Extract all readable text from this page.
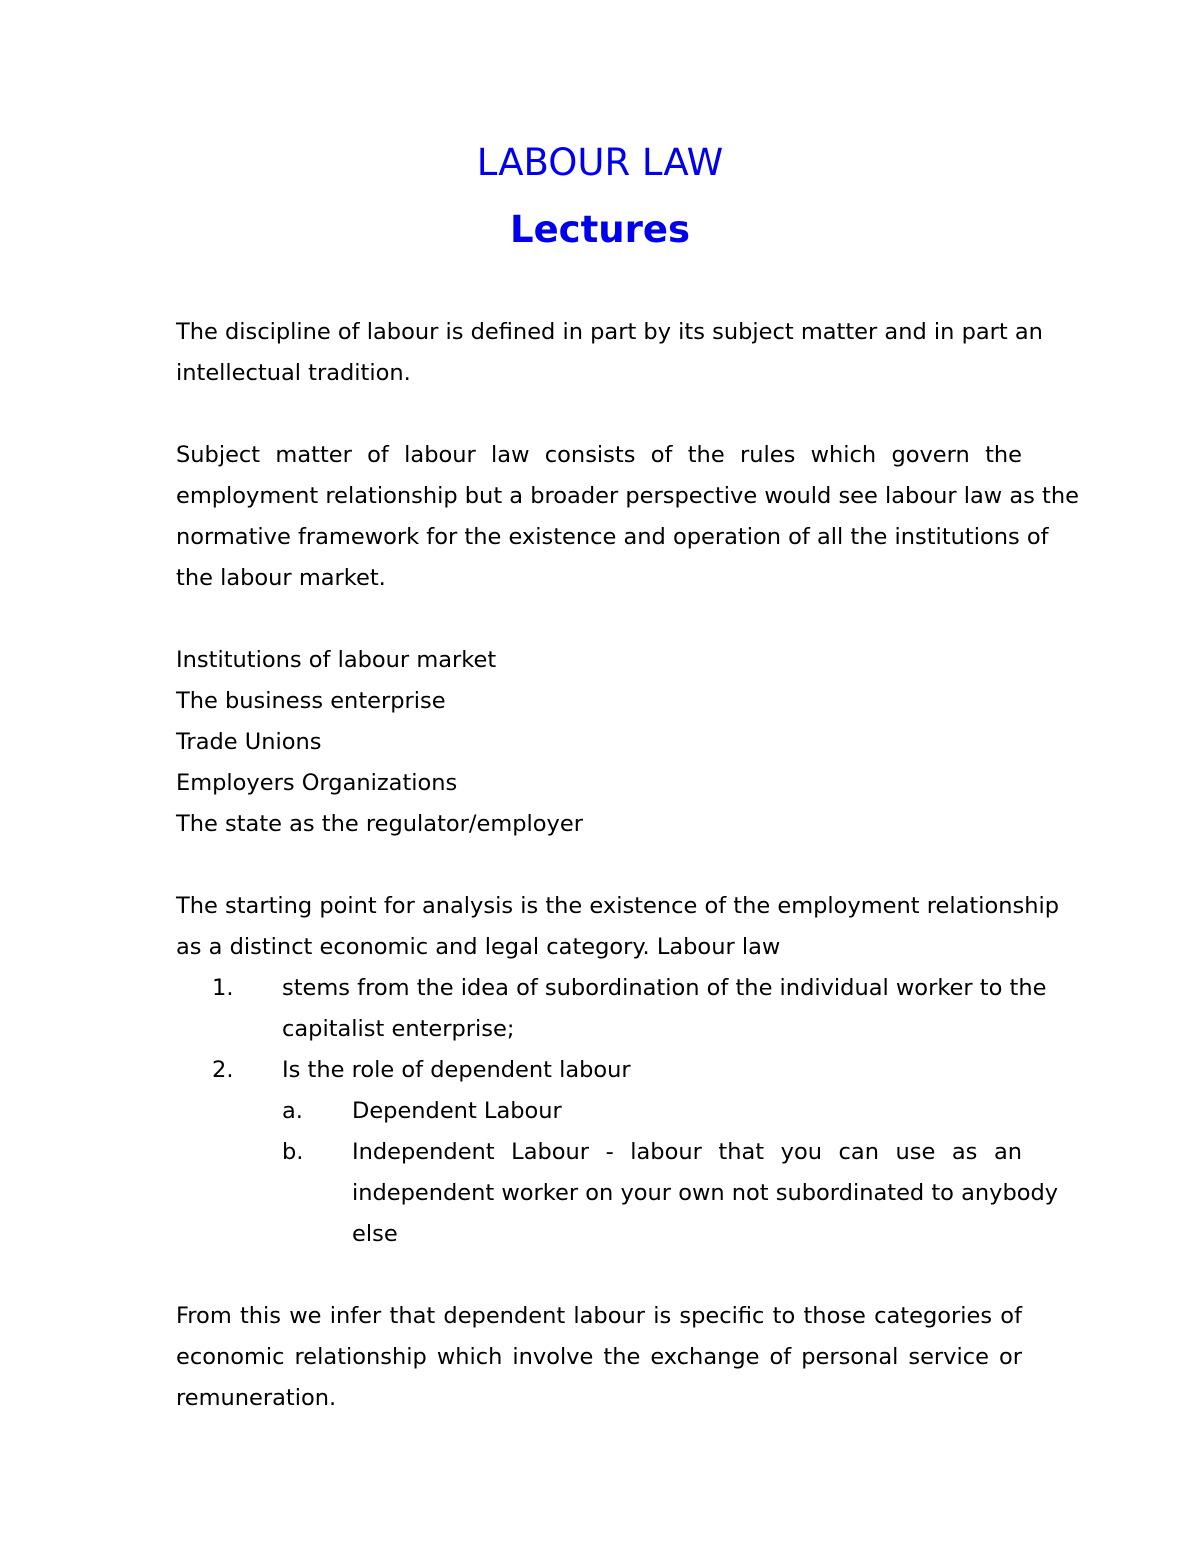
LABOUR LAW
Lectures
The discipline of labour is defined in part by its subject matter and in part an
intellectual tradition.
Subject matter of labour law consists of the rules which govern the
employment relationship but a broader perspective would see labour law as the
normative framework for the existence and operation of all the institutions of
the labour market.
Institutions of labour market
The business enterprise
Trade Unions
Employers Organizations
The state as the regulator/employer
The starting point for analysis is the existence of the employment relationship
as a distinct economic and legal category. Labour law
1. stems from the idea of subordination of the individual worker to the
capitalist enterprise;
2. Is the role of dependent labour
a. Dependent Labour
b. Independent Labour - labour that you can use as an
independent worker on your own not subordinated to anybody
else
From this we infer that dependent labour is specific to those categories of
economic relationship which involve the exchange of personal service or
remuneration.
